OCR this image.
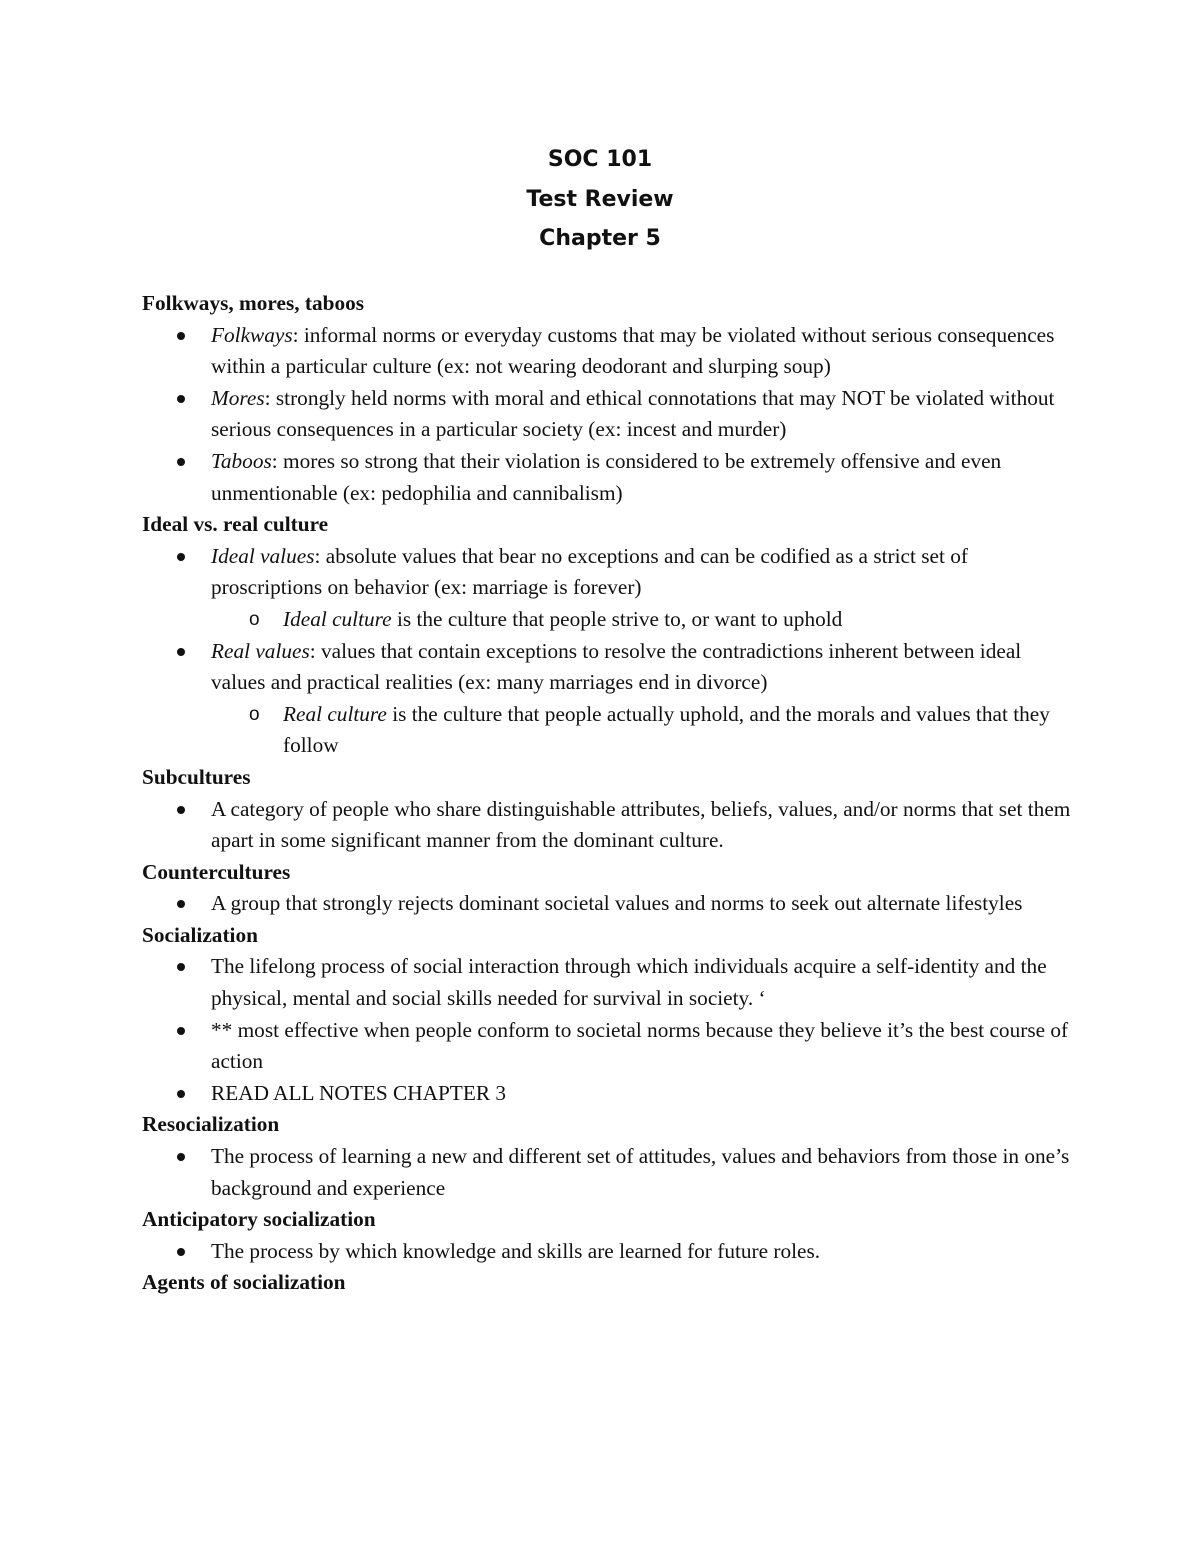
SOC 101
Test Review
Chapter 5

Folkways, mores, taboos

Folkways: informal norms or everyday customs that may be violated without serious consequences within a particular culture (ex: not wearing deodorant and slurping soup)
Mores: strongly held norms with moral and ethical connotations that may NOT be violated without serious consequences in a particular society (ex: incest and murder)
Taboos: mores so strong that their violation is considered to be extremely offensive and even unmentionable (ex: pedophilia and cannibalism)

Ideal vs. real culture

Ideal values: absolute values that bear no exceptions and can be codified as a strict set of proscriptions on behavior (ex: marriage is forever)
o Ideal culture is the culture that people strive to, or want to uphold
Real values: values that contain exceptions to resolve the contradictions inherent between ideal values and practical realities (ex: many marriages end in divorce)
o Real culture is the culture that people actually uphold, and the morals and values that they follow

Subcultures

A category of people who share distinguishable attributes, beliefs, values, and/or norms that set them apart in some significant manner from the dominant culture.

Countercultures

A group that strongly rejects dominant societal values and norms to seek out alternate lifestyles

Socialization

The lifelong process of social interaction through which individuals acquire a self-identity and the physical, mental and social skills needed for survival in society. ‘
** most effective when people conform to societal norms because they believe it’s the best course of action
READ ALL NOTES CHAPTER 3

Resocialization

The process of learning a new and different set of attitudes, values and behaviors from those in one’s background and experience

Anticipatory socialization

The process by which knowledge and skills are learned for future roles.

Agents of socialization
